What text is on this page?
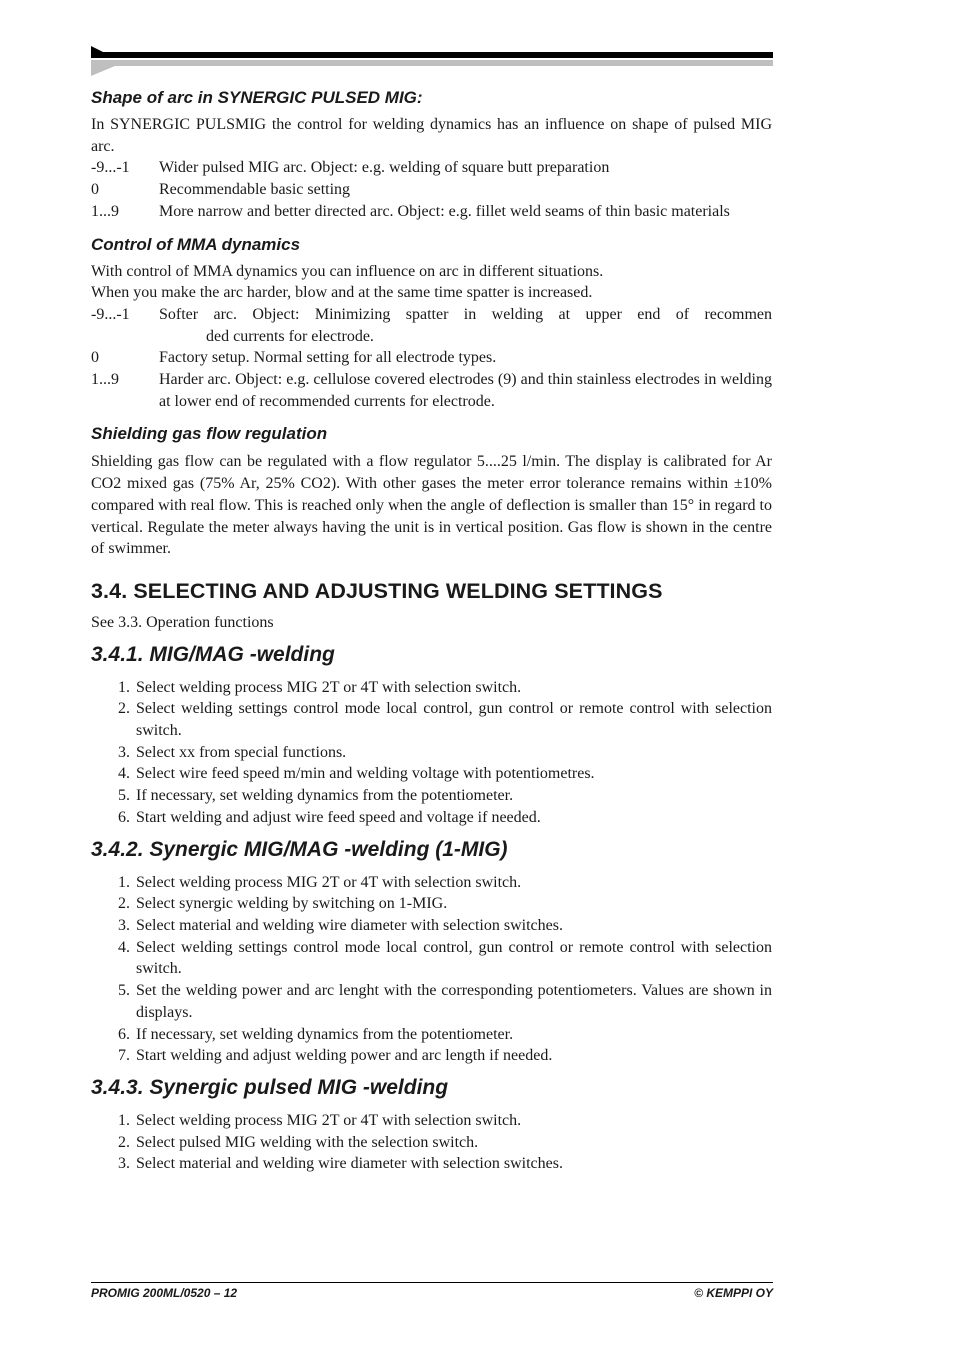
Shape of arc in SYNERGIC PULSED MIG:

In SYNERGIC PULSMIG the control for welding dynamics has an influence on shape of pulsed MIG arc.

-9...-1	Wider pulsed MIG arc. Object: e.g. welding of square butt preparation
0	Recommendable basic setting
1...9	More narrow and better directed arc. Object: e.g. fillet weld seams of thin basic materials
Control of MMA dynamics

With control of MMA dynamics you can influence on arc in different situations.

When you make the arc harder, blow and at the same time spatter is increased.

-9...-1	Softer arc. Object: Minimizing spatter in welding at upper end of recommen
ded currents for electrode.
0	Factory setup. Normal setting for all electrode types.
1...9	Harder arc. Object: e.g. cellulose covered electrodes (9) and thin stainless electrodes in welding at lower end of recommended currents for electrode.
Shielding gas flow regulation

Shielding gas flow can be regulated with a flow regulator 5....25 l/min. The display is calibrated for Ar CO2 mixed gas (75% Ar, 25% CO2). With other gases the meter error tolerance remains within ±10% compared with real flow. This is reached only when the angle of deflection is smaller than 15° in regard to vertical. Regulate the meter always having the unit is in vertical position. Gas flow is shown in the centre of swimmer.

3.4. SELECTING AND ADJUSTING WELDING SETTINGS

See 3.3. Operation functions

3.4.1. MIG/MAG -welding
1. Select welding process MIG 2T or 4T with selection switch.
2. Select welding settings control mode local control, gun control or remote control with selection switch.
3. Select xx from special functions.
4. Select wire feed speed m/min and welding voltage with potentiometres.
5. If necessary, set welding dynamics from the potentiometer.
6. Start welding and adjust wire feed speed and voltage if needed.
3.4.2. Synergic MIG/MAG -welding (1-MIG)
1. Select welding process MIG 2T or 4T with selection switch.
2. Select synergic welding by switching on 1-MIG.
3. Select material and welding wire diameter with selection switches.
4. Select welding settings control mode local control, gun control or remote control with selection switch.
5. Set the welding power and arc lenght with the corresponding potentiometers. Values are shown in displays.
6. If necessary, set welding dynamics from the potentiometer.
7. Start welding and adjust welding power and arc length if needed.
3.4.3. Synergic pulsed MIG -welding
1. Select welding process MIG 2T or 4T with selection switch.
2. Select pulsed MIG welding with the selection switch.
3. Select material and welding wire diameter with selection switches.
PROMIG 200ML/0520 – 12	© KEMPPI OY
